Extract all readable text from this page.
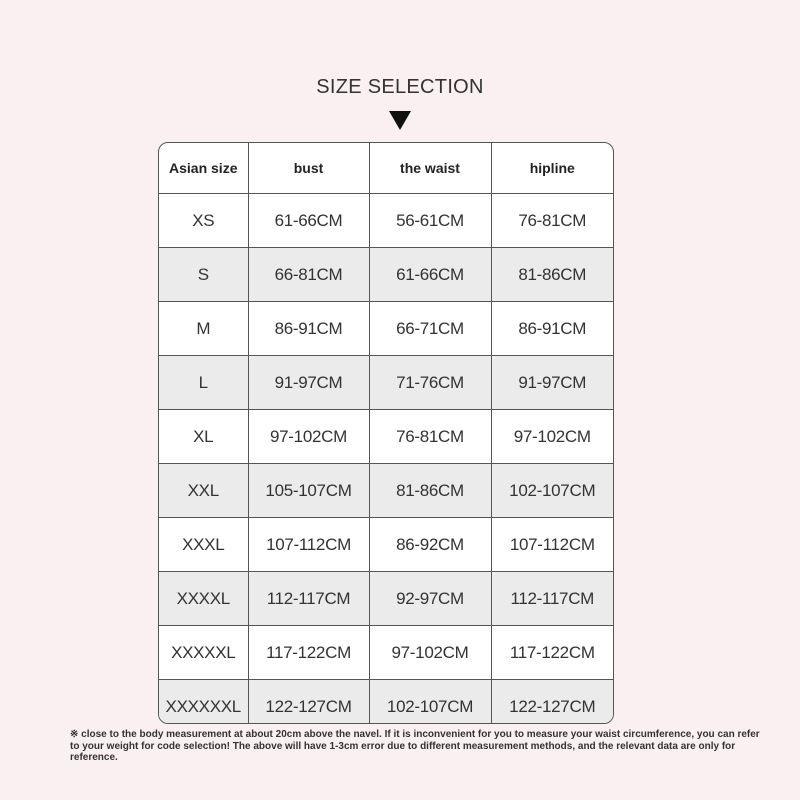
SIZE SELECTION
Asian size	bust	the waist	hipline
XS	61-66CM	56-61CM	76-81CM
S	66-81CM	61-66CM	81-86CM
M	86-91CM	66-71CM	86-91CM
L	91-97CM	71-76CM	91-97CM
XL	97-102CM	76-81CM	97-102CM
XXL	105-107CM	81-86CM	102-107CM
XXXL	107-112CM	86-92CM	107-112CM
XXXXL	112-117CM	92-97CM	112-117CM
XXXXXL	117-122CM	97-102CM	117-122CM
XXXXXXL	122-127CM	102-107CM	122-127CM
※ close to the body measurement at about 20cm above the navel. If it is inconvenient for you to measure your waist circumference, you can refer to your weight for code selection! The above will have 1-3cm error due to different measurement methods, and the relevant data are only for reference.
